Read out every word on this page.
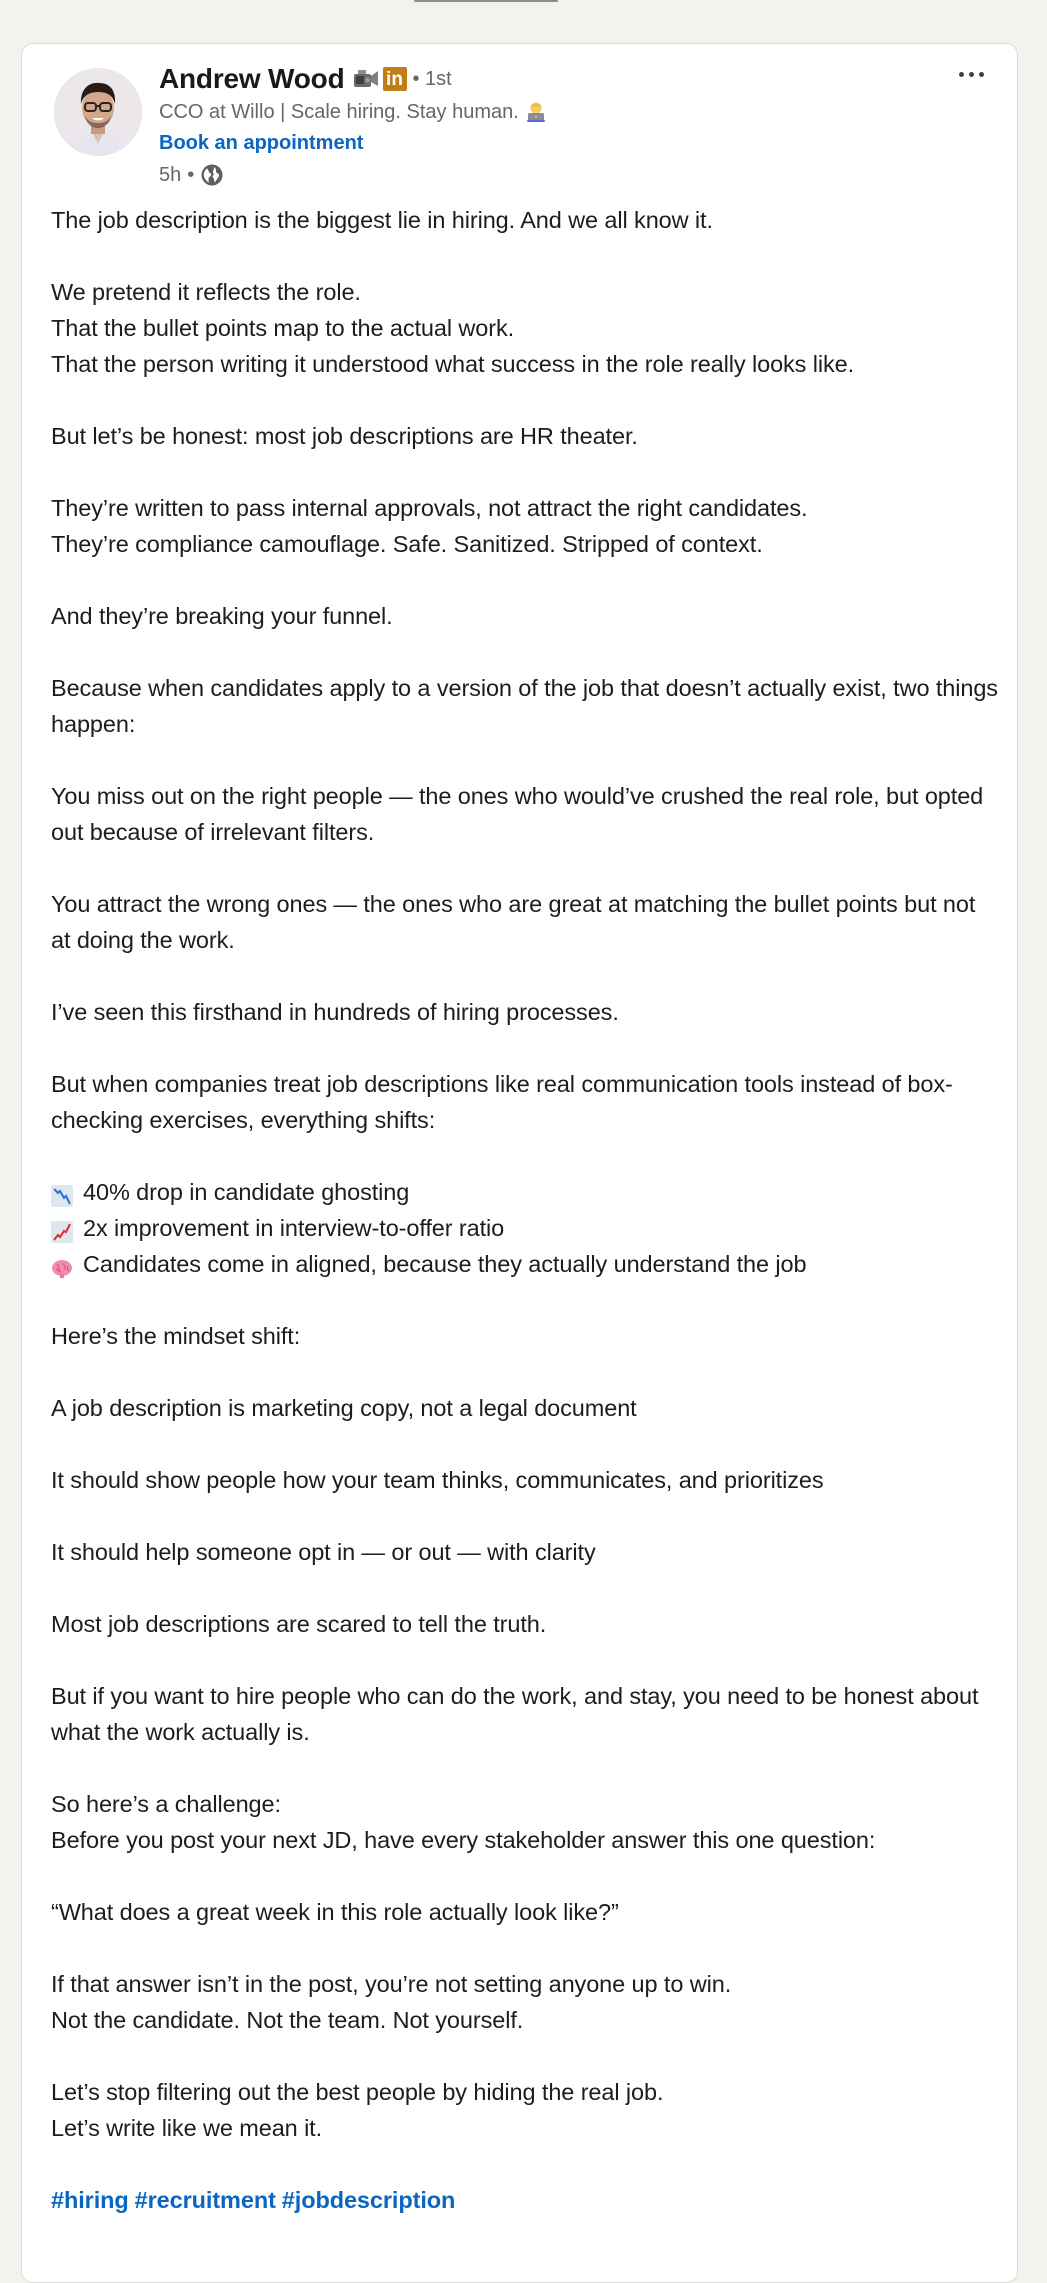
Andrew Wood in • 1st
CCO at Willo | Scale hiring. Stay human.
Book an appointment
5h •
The job description is the biggest lie in hiring. And we all know it.
We pretend it reflects the role.
That the bullet points map to the actual work.
That the person writing it understood what success in the role really looks like.
But let’s be honest: most job descriptions are HR theater.
They’re written to pass internal approvals, not attract the right candidates.
They’re compliance camouflage. Safe. Sanitized. Stripped of context.
And they’re breaking your funnel.
Because when candidates apply to a version of the job that doesn’t actually exist, two things happen:
You miss out on the right people — the ones who would’ve crushed the real role, but opted out because of irrelevant filters.
You attract the wrong ones — the ones who are great at matching the bullet points but not at doing the work.
I’ve seen this firsthand in hundreds of hiring processes.
But when companies treat job descriptions like real communication tools instead of box-checking exercises, everything shifts:
40% drop in candidate ghosting
2x improvement in interview-to-offer ratio
Candidates come in aligned, because they actually understand the job
Here’s the mindset shift:
A job description is marketing copy, not a legal document
It should show people how your team thinks, communicates, and prioritizes
It should help someone opt in — or out — with clarity
Most job descriptions are scared to tell the truth.
But if you want to hire people who can do the work, and stay, you need to be honest about what the work actually is.
So here’s a challenge:
Before you post your next JD, have every stakeholder answer this one question:
“What does a great week in this role actually look like?”
If that answer isn’t in the post, you’re not setting anyone up to win.
Not the candidate. Not the team. Not yourself.
Let’s stop filtering out the best people by hiding the real job.
Let’s write like we mean it.
#hiring #recruitment #jobdescription
